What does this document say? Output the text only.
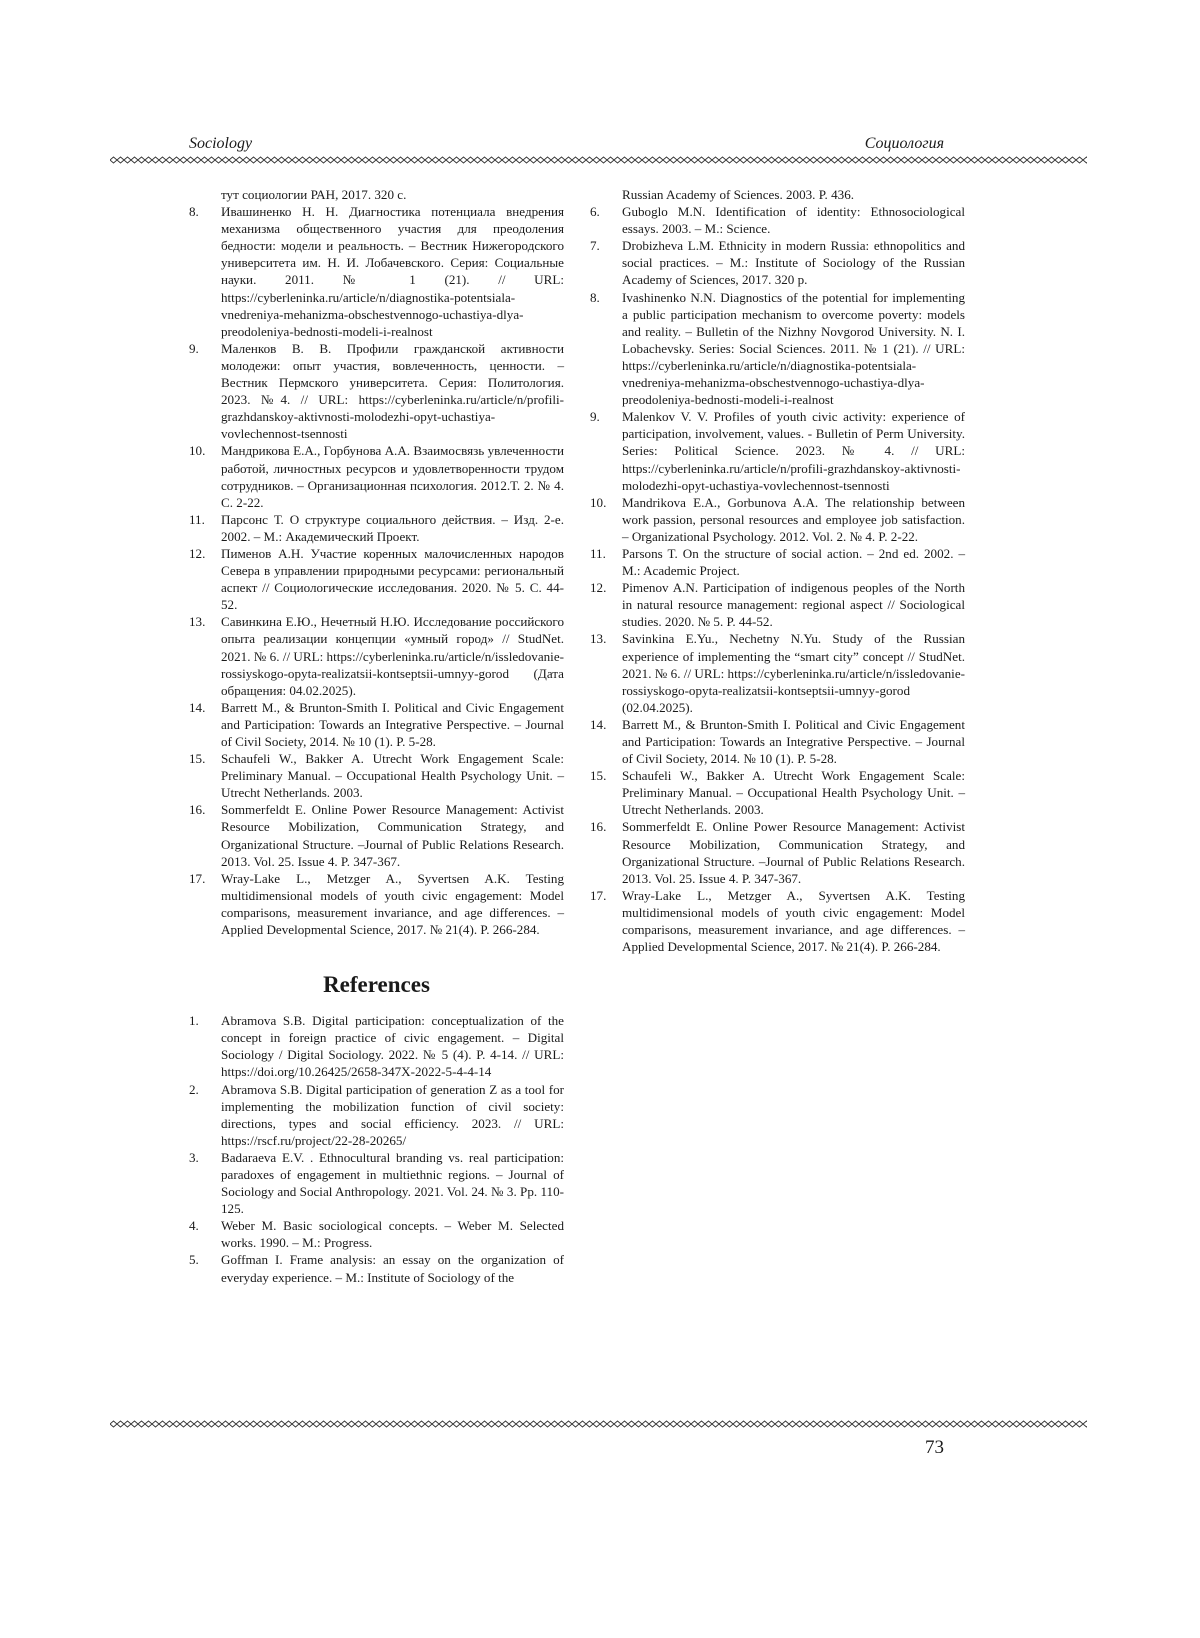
Sociology	Социология
тут социологии РАН, 2017. 320 с.
8. Ивашиненко Н. Н. Диагностика потенциала внедрения механизма общественного участия для преодоления бедности: модели и реальность. – Вестник Нижегородского университета им. Н. И. Лобачевского. Серия: Социальные науки. 2011. № 1 (21). // URL: https://cyberleninka.ru/article/n/diagnostika-potentsiala-vnedreniya-mehanizma-obschestvennogo-uchastiya-dlya-preodoleniya-bednosti-modeli-i-realnost
9. Маленков В. В. Профили гражданской активности молодежи: опыт участия, вовлеченность, ценности. – Вестник Пермского университета. Серия: Политология. 2023. №4. // URL: https://cyberleninka.ru/article/n/profili-grazhdanskoy-aktivnosti-molodezhi-opyt-uchastiya-vovlechennost-tsennosti
10. Мандрикова Е.А., Горбунова А.А. Взаимосвязь увлеченности работой, личностных ресурсов и удовлетворенности трудом сотрудников. – Организационная психология. 2012.Т. 2. № 4. С. 2-22.
11. Парсонс Т. О структуре социального действия. – Изд. 2-е. 2002. – М.: Академический Проект.
12. Пименов А.Н. Участие коренных малочисленных народов Севера в управлении природными ресурсами: региональный аспект // Социологические исследования. 2020. № 5. С. 44-52.
13. Савинкина Е.Ю., Нечетный Н.Ю. Исследование российского опыта реализации концепции «умный город» // StudNet. 2021. № 6. // URL: https://cyberleninka.ru/article/n/issledovanie-rossiyskogo-opyta-realizatsii-kontseptsii-umnyy-gorod (Дата обращения: 04.02.2025).
14. Barrett M., & Brunton-Smith I. Political and Civic Engagement and Participation: Towards an Integrative Perspective. – Journal of Civil Society, 2014. № 10 (1). P. 5-28.
15. Schaufeli W., Bakker A. Utrecht Work Engagement Scale: Preliminary Manual. – Occupational Health Psychology Unit. – Utrecht Netherlands. 2003.
16. Sommerfeldt E. Online Power Resource Management: Activist Resource Mobilization, Communication Strategy, and Organizational Structure. –Journal of Public Relations Research. 2013. Vol. 25. Issue 4. P. 347-367.
17. Wray-Lake L., Metzger A., Syvertsen A.K. Testing multidimensional models of youth civic engagement: Model comparisons, measurement invariance, and age differences. – Applied Developmental Science, 2017. № 21(4). P. 266-284.
References
1. Abramova S.B. Digital participation: conceptualization of the concept in foreign practice of civic engagement. – Digital Sociology / Digital Sociology. 2022. № 5 (4). P. 4-14. // URL: https://doi.org/10.26425/2658-347X-2022-5-4-4-14
2. Abramova S.B. Digital participation of generation Z as a tool for implementing the mobilization function of civil society: directions, types and social efficiency. 2023. // URL: https://rscf.ru/project/22-28-20265/
3. Badaraeva E.V. . Ethnocultural branding vs. real participation: paradoxes of engagement in multiethnic regions. – Journal of Sociology and Social Anthropology. 2021. Vol. 24. № 3. Pp. 110-125.
4. Weber M. Basic sociological concepts. – Weber M. Selected works. 1990. – M.: Progress.
5. Goffman I. Frame analysis: an essay on the organization of everyday experience. – M.: Institute of Sociology of the
Russian Academy of Sciences. 2003. P. 436.
6. Guboglo M.N. Identification of identity: Ethnosociological essays. 2003. – M.: Science.
7. Drobizheva L.M. Ethnicity in modern Russia: ethnopolitics and social practices. – M.: Institute of Sociology of the Russian Academy of Sciences, 2017. 320 p.
8. Ivashinenko N.N. Diagnostics of the potential for implementing a public participation mechanism to overcome poverty: models and reality. – Bulletin of the Nizhny Novgorod University. N. I. Lobachevsky. Series: Social Sciences. 2011. № 1 (21). // URL: https://cyberleninka.ru/article/n/diagnostika-potentsiala-vnedreniya-mehanizma-obschestvennogo-uchastiya-dlya-preodoleniya-bednosti-modeli-i-realnost
9. Malenkov V. V. Profiles of youth civic activity: experience of participation, involvement, values. - Bulletin of Perm University. Series: Political Science. 2023. № 4. // URL: https://cyberleninka.ru/article/n/profili-grazhdanskoy-aktivnosti-molodezhi-opyt-uchastiya-vovlechennost-tsennosti
10. Mandrikova E.A., Gorbunova A.A. The relationship between work passion, personal resources and employee job satisfaction. – Organizational Psychology. 2012. Vol. 2. № 4. P. 2-22.
11. Parsons T. On the structure of social action. – 2nd ed. 2002. – M.: Academic Project.
12. Pimenov A.N. Participation of indigenous peoples of the North in natural resource management: regional aspect // Sociological studies. 2020. № 5. P. 44-52.
13. Savinkina E.Yu., Nechetny N.Yu. Study of the Russian experience of implementing the “smart city” concept // StudNet. 2021. № 6. // URL: https://cyberleninka.ru/article/n/issledovanie-rossiyskogo-opyta-realizatsii-kontseptsii-umnyy-gorod (02.04.2025).
14. Barrett M., & Brunton-Smith I. Political and Civic Engagement and Participation: Towards an Integrative Perspective. – Journal of Civil Society, 2014. № 10 (1). P. 5-28.
15. Schaufeli W., Bakker A. Utrecht Work Engagement Scale: Preliminary Manual. – Occupational Health Psychology Unit. – Utrecht Netherlands. 2003.
16. Sommerfeldt E. Online Power Resource Management: Activist Resource Mobilization, Communication Strategy, and Organizational Structure. –Journal of Public Relations Research. 2013. Vol. 25. Issue 4. P. 347-367.
17. Wray-Lake L., Metzger A., Syvertsen A.K. Testing multidimensional models of youth civic engagement: Model comparisons, measurement invariance, and age differences. – Applied Developmental Science, 2017. № 21(4). P. 266-284.
73
